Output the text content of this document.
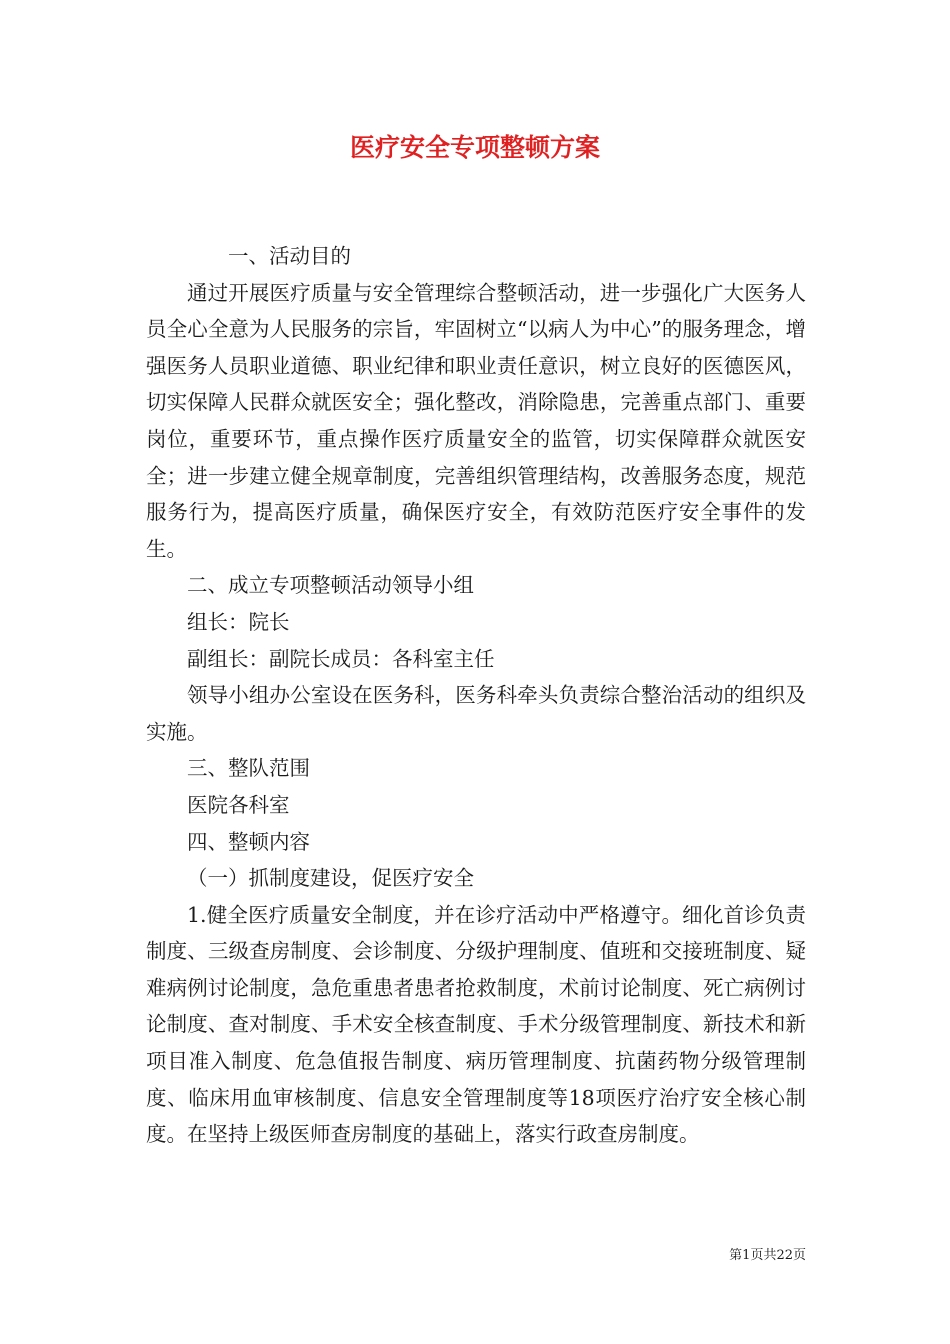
医疗安全专项整顿方案

一、活动目的

通过开展医疗质量与安全管理综合整顿活动，进一步强化广大医务人员全心全意为人民服务的宗旨，牢固树立“以病人为中心”的服务理念，增强医务人员职业道德、职业纪律和职业责任意识，树立良好的医德医风，切实保障人民群众就医安全；强化整改，消除隐患，完善重点部门、重要岗位，重要环节，重点操作医疗质量安全的监管，切实保障群众就医安全；进一步建立健全规章制度，完善组织管理结构，改善服务态度，规范服务行为，提高医疗质量，确保医疗安全，有效防范医疗安全事件的发生。

二、成立专项整顿活动领导小组

组长：院长

副组长：副院长成员：各科室主任

领导小组办公室设在医务科，医务科牵头负责综合整治活动的组织及实施。

三、整队范围

医院各科室

四、整顿内容

（一）抓制度建设，促医疗安全

1.健全医疗质量安全制度，并在诊疗活动中严格遵守。细化首诊负责制度、三级查房制度、会诊制度、分级护理制度、值班和交接班制度、疑难病例讨论制度，急危重患者患者抢救制度，术前讨论制度、死亡病例讨论制度、查对制度、手术安全核查制度、手术分级管理制度、新技术和新项目准入制度、危急值报告制度、病历管理制度、抗菌药物分级管理制度、临床用血审核制度、信息安全管理制度等18项医疗治疗安全核心制度。在坚持上级医师查房制度的基础上，落实行政查房制度。

第1页共22页
